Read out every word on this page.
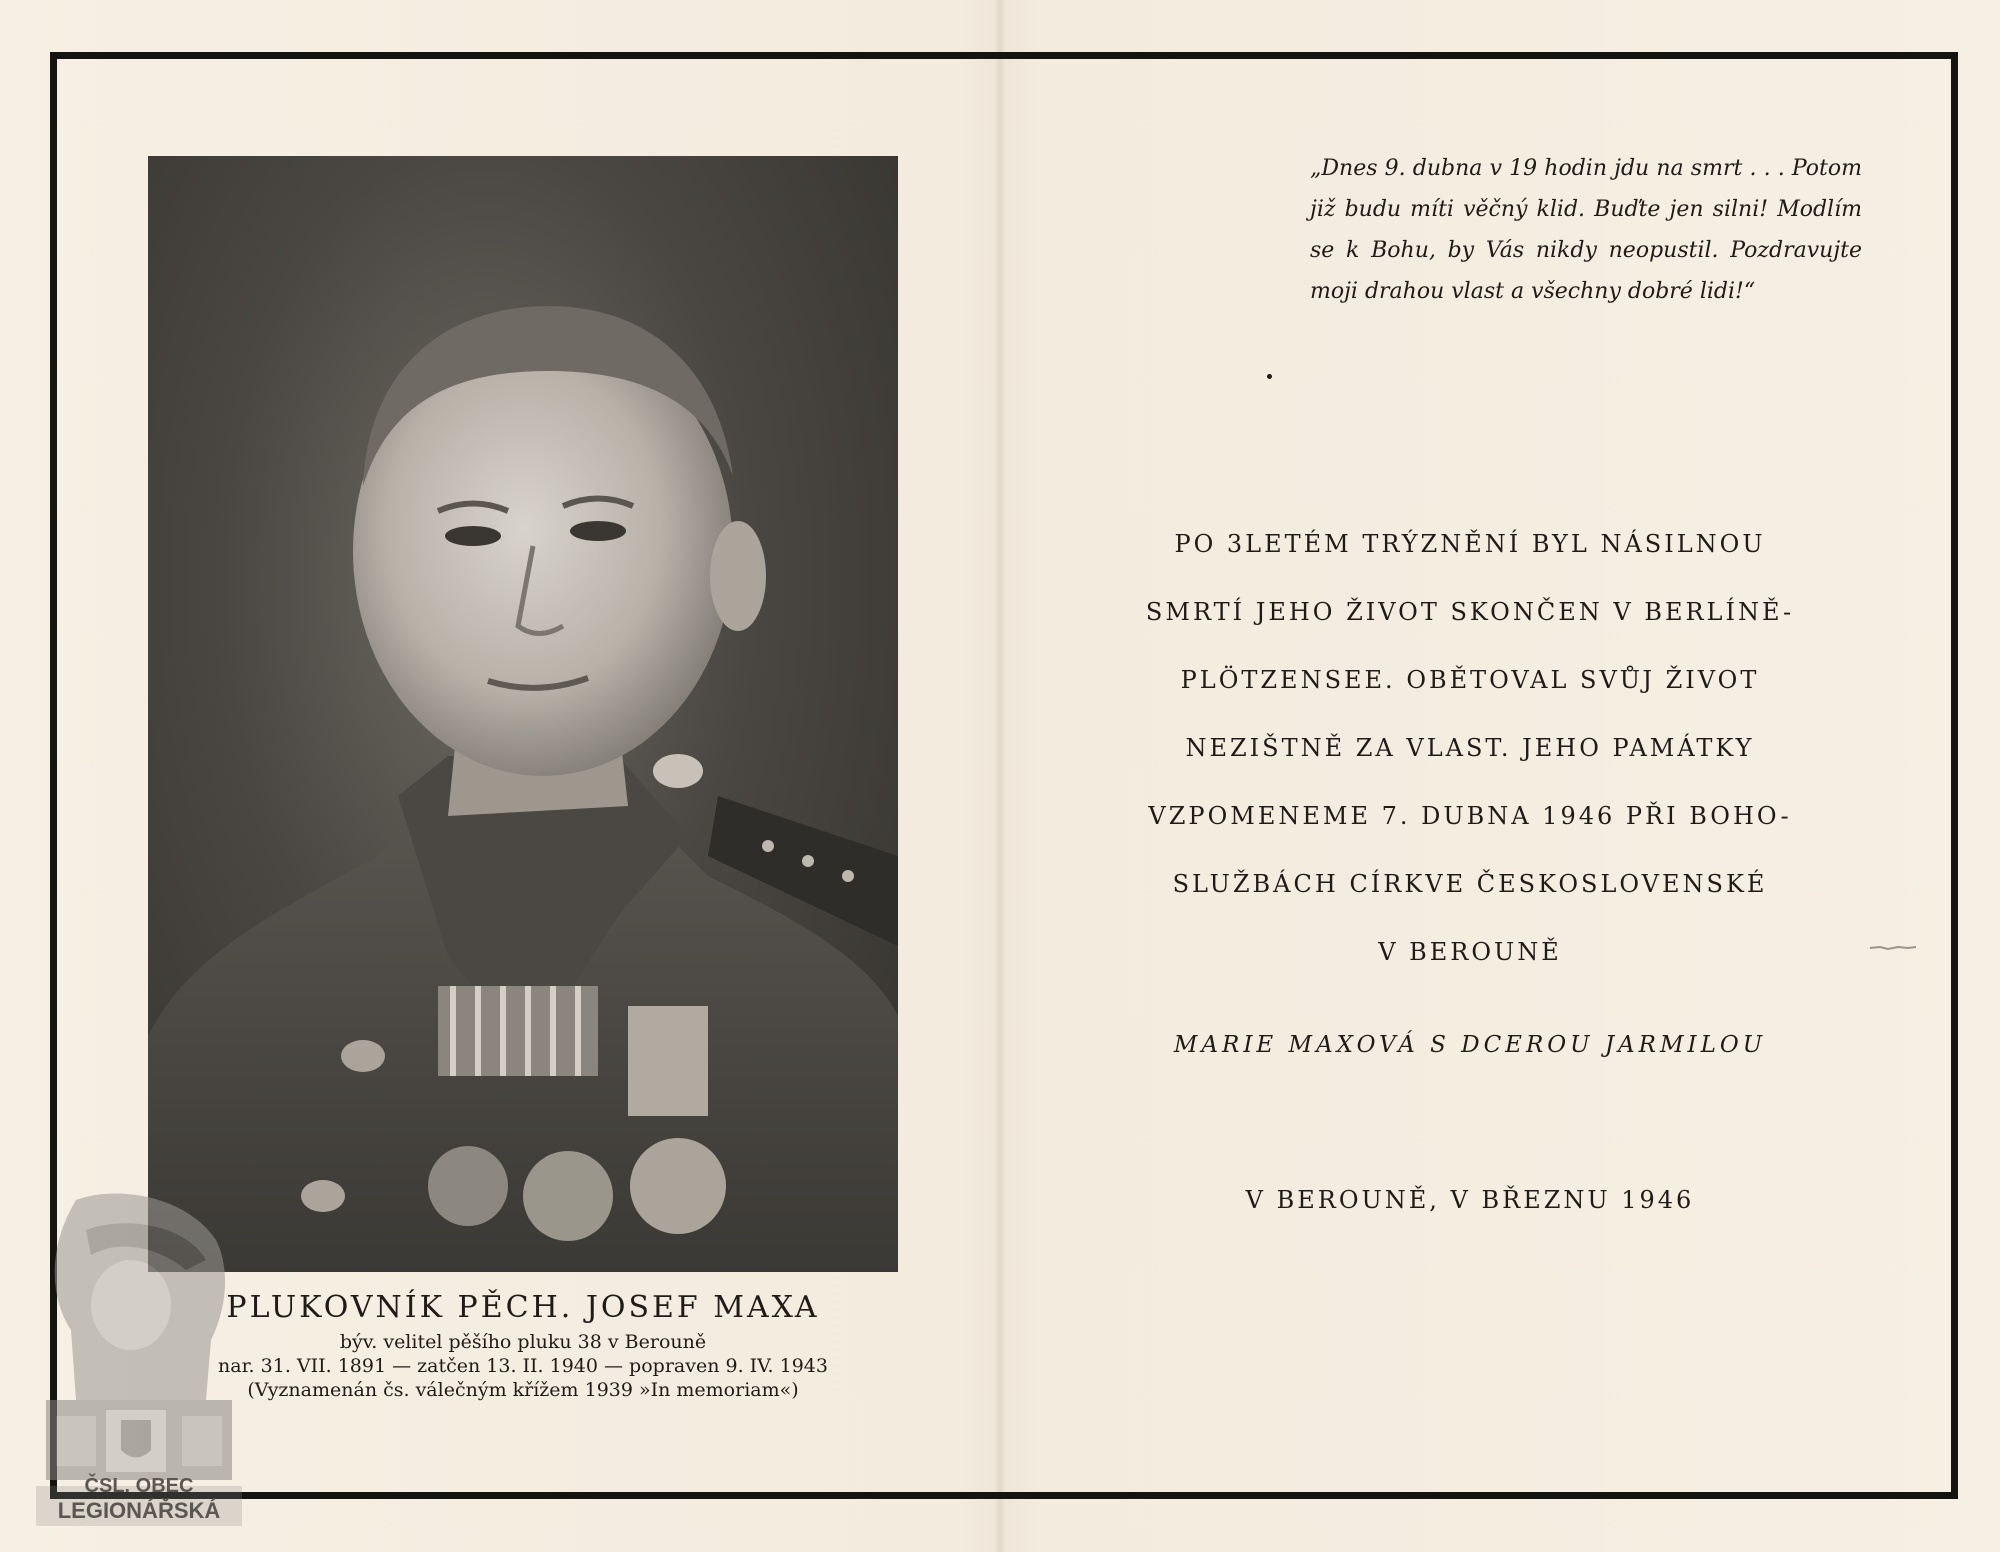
PLUKOVNÍK PĚCH. JOSEF MAXA
býv. velitel pěšího pluku 38 v Berouně
nar. 31. VII. 1891 — zatčen 13. II. 1940 — popraven 9. IV. 1943
(Vyznamenán čs. válečným křížem 1939 »In memoriam«)
ČSL. OBEC
LEGIONÁŘSKÁ
„Dnes 9. dubna v 19 hodin jdu na smrt . . . Potom již budu míti věčný klid. Buďte jen silni! Modlím se k Bohu, by Vás nikdy neopustil. Pozdravujte moji drahou vlast a všechny dobré lidi!“
PO 3LETÉM TRÝZNĚNÍ BYL NÁSILNOU
SMRTÍ JEHO ŽIVOT SKONČEN V BERLÍNĚ-
PLÖTZENSEE. OBĚTOVAL SVŮJ ŽIVOT
NEZIŠTNĚ ZA VLAST. JEHO PAMÁTKY
VZPOMENEME 7. DUBNA 1946 PŘI BOHO-
SLUŽBÁCH CÍRKVE ČESKOSLOVENSKÉ
V BEROUNĚ
MARIE MAXOVÁ S DCEROU JARMILOU
V BEROUNĚ, V BŘEZNU 1946
